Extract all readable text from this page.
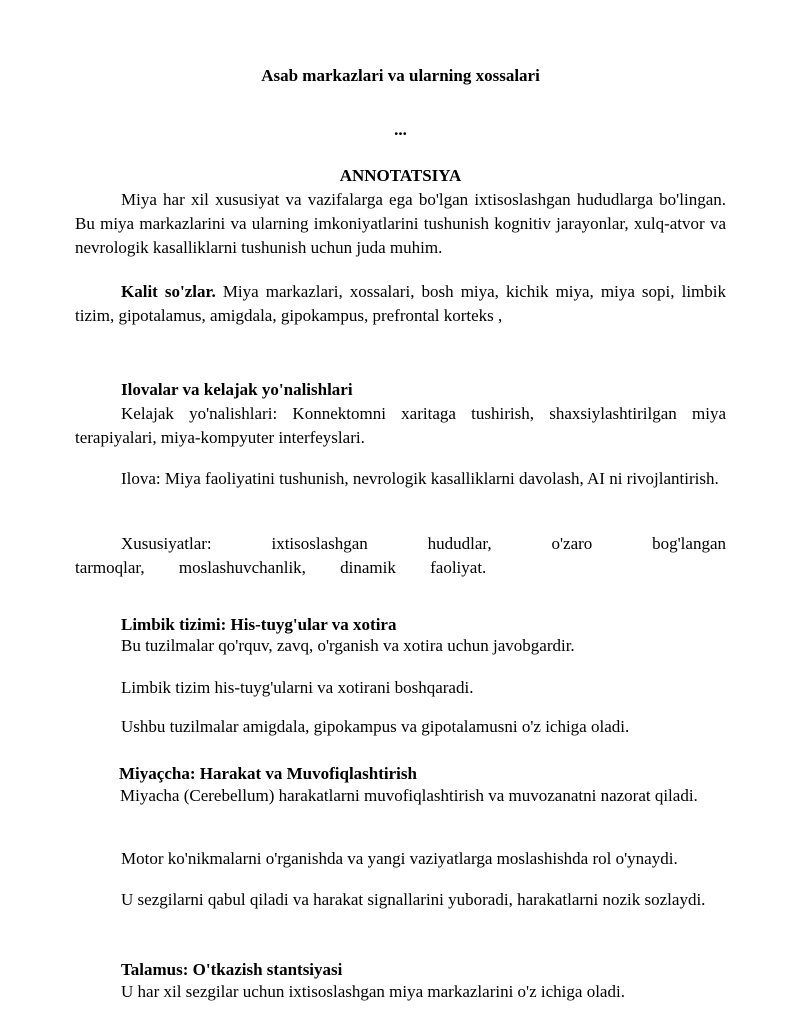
Asab markazlari va ularning xossalari

...

ANNOTATSIYA

Miya har xil xususiyat va vazifalarga ega bo'lgan ixtisoslashgan hududlarga bo'lingan. Bu miya markazlarini va ularning imkoniyatlarini tushunish kognitiv jarayonlar, xulq-atvor va nevrologik kasalliklarni tushunish uchun juda muhim.

Kalit so'zlar. Miya markazlari, xossalari, bosh miya, kichik miya, miya sopi, limbik tizim, gipotalamus, amigdala, gipokampus, prefrontal korteks ,

Ilovalar va kelajak yo'nalishlari

Kelajak yo'nalishlari: Konnektomni xaritaga tushirish, shaxsiylashtirilgan miya terapiyalari, miya-kompyuter interfeyslari.

Ilova: Miya faoliyatini tushunish, nevrologik kasalliklarni davolash, AI ni rivojlantirish.

Xususiyatlar: ixtisoslashgan hududlar, o'zaro bog'langan tarmoqlar, moslashuvchanlik, dinamik faoliyat.

Limbik tizimi: His-tuyg'ular va xotira

Bu tuzilmalar qo'rquv, zavq, o'rganish va xotira uchun javobgardir.

Limbik tizim his-tuyg'ularni va xotirani boshqaradi.

Ushbu tuzilmalar amigdala, gipokampus va gipotalamusni o'z ichiga oladi.

Miyaçcha: Harakat va Muvofiqlashtirish

Miyacha (Cerebellum) harakatlarni muvofiqlashtirish va muvozanatni nazorat qiladi.

Motor ko'nikmalarni o'rganishda va yangi vaziyatlarga moslashishda rol o'ynaydi.

U sezgilarni qabul qiladi va harakat signallarini yuboradi, harakatlarni nozik sozlaydi.

Talamus: O'tkazish stantsiyasi

U har xil sezgilar uchun ixtisoslashgan miya markazlarini o'z ichiga oladi.
